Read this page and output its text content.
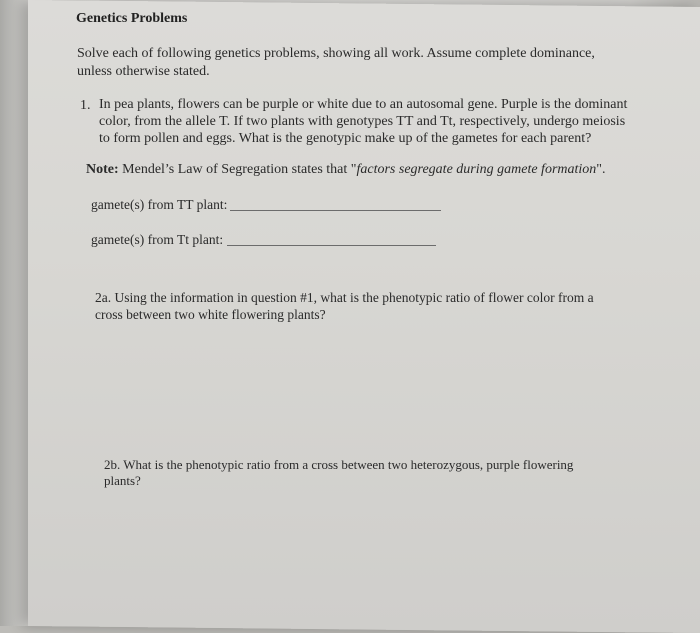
Genetics Problems
Solve each of following genetics problems, showing all work. Assume complete dominance,
unless otherwise stated.
1. In pea plants, flowers can be purple or white due to an autosomal gene. Purple is the dominant
color, from the allele T. If two plants with genotypes TT and Tt, respectively, undergo meiosis
to form pollen and eggs. What is the genotypic make up of the gametes for each parent?
Note: Mendel’s Law of Segregation states that "factors segregate during gamete formation".
gamete(s) from TT plant:
gamete(s) from Tt plant:
2a. Using the information in question #1, what is the phenotypic ratio of flower color from a
cross between two white flowering plants?
2b. What is the phenotypic ratio from a cross between two heterozygous, purple flowering
plants?
